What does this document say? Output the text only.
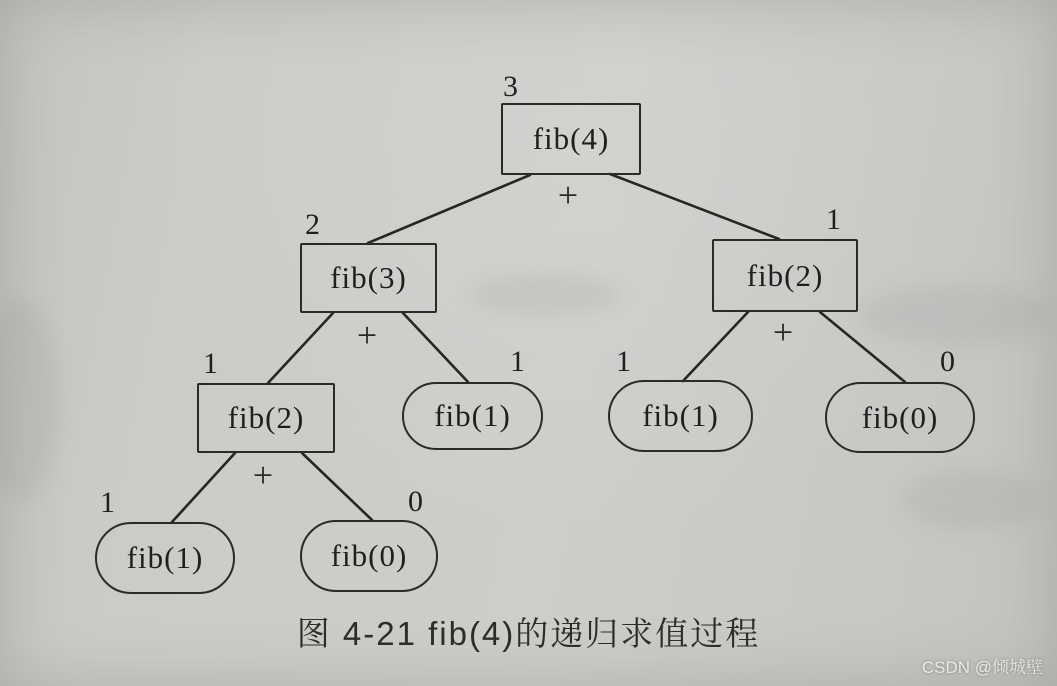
fib(4)
fib(3)	fib(2)
fib(2)	fib(1)	fib(1)	fib(0)
fib(1)	fib(0)
3
2	1
1	1	1	0
1	0
+
+	+
+
图 4-21 fib(4)的递归求值过程
CSDN @倾城壁
